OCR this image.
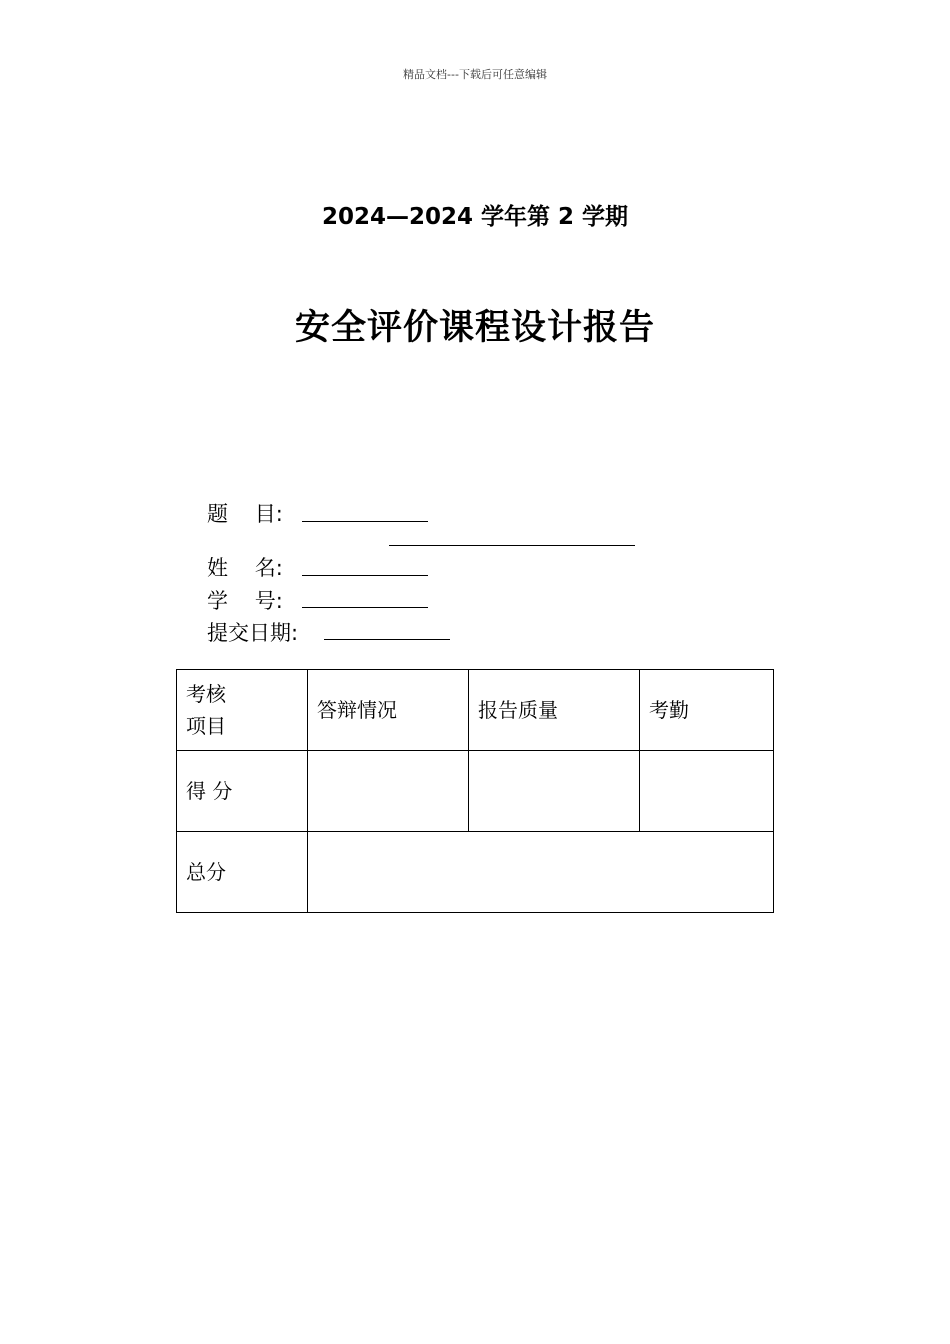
精品文档---下载后可任意编辑
2024—2024 学年第 2 学期
安全评价课程设计报告
题    目:
姓    名:
学    号:
提交日期:
考核
项目	答辩情况	报告质量	考勤
得 分			
总分			
